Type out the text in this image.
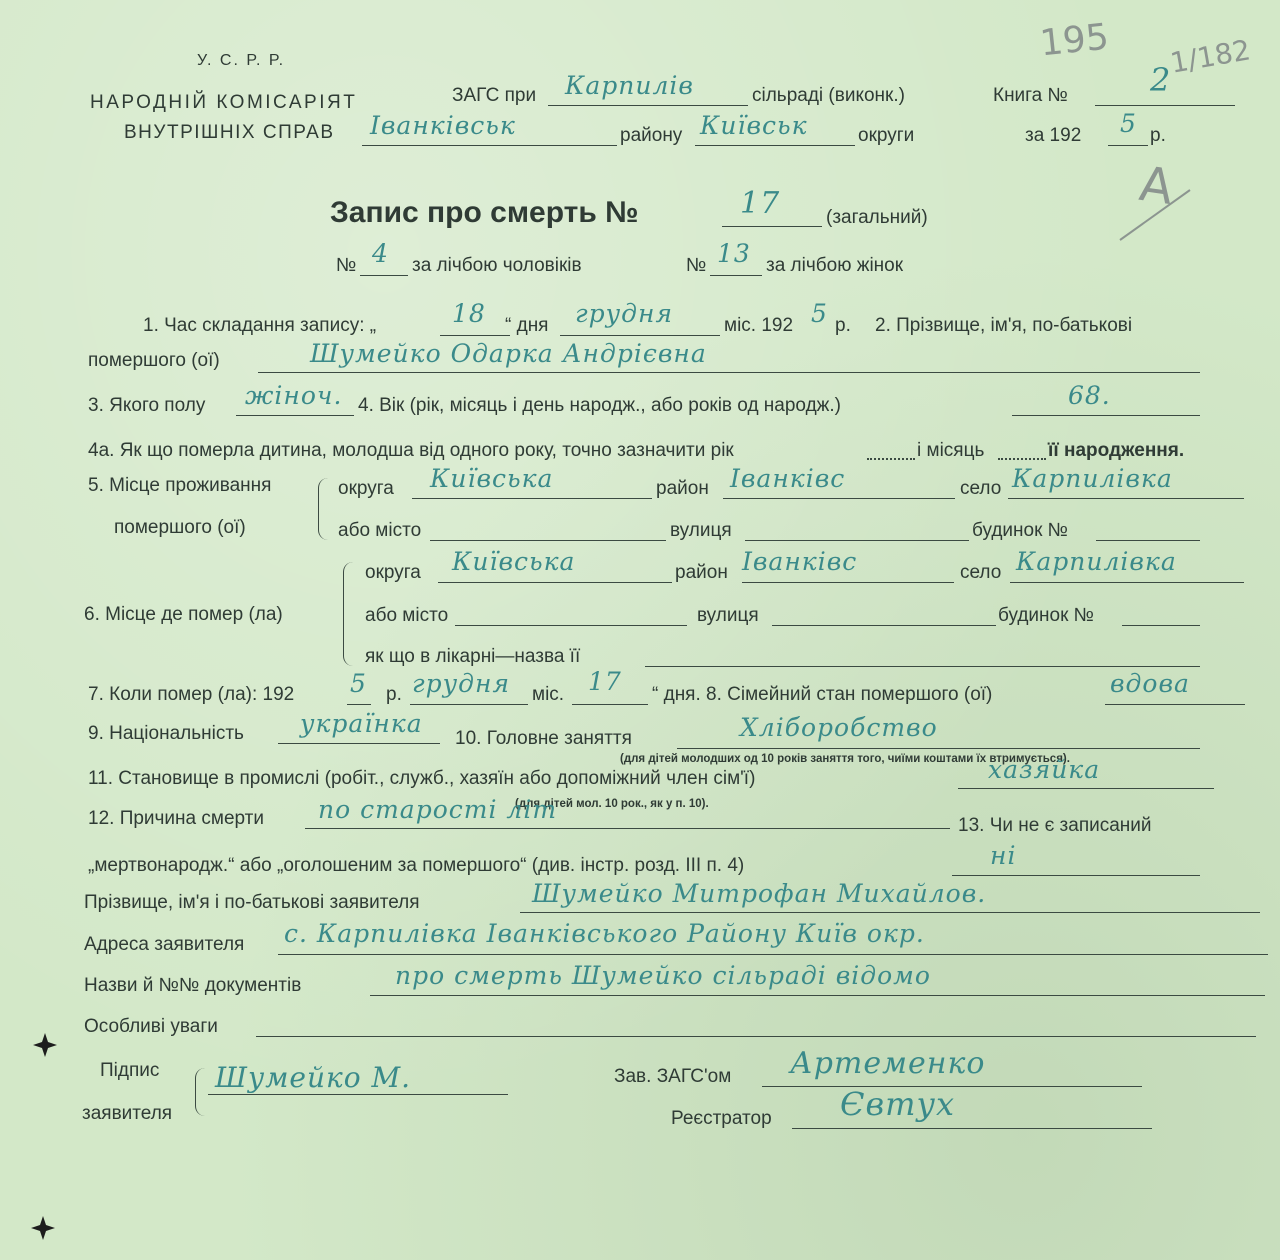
195 1/182
А
У. С. Р. Р.
НАРОДНІЙ КОМІСАРІЯТ
ВНУТРІШНІХ СПРАВ
ЗАГС при Карпилів	сільраді (виконк.)
Іванківськ	району Київськ	округи
Книга №	2
за 192 5 р.
Запис про смерть №	17 (загальний)
№ 4 за лічбою чоловіків	№ 13 за лічбою жінок
1. Час складання запису: „	18 “ дня грудня	міс. 192 5 р. 2. Прізвище, ім'я, по-батькові
помершого (ої)	Шумейко Одарка Андрієвна
3. Якого полу жіноч. 4. Вік (рік, місяць і день народж., або років од народж.)	68.
4а. Як що померла дитина, молодша від одного року, точно зазначити рік	і місяць	її народження.
5. Місце проживання
помершого (ої)
округа Київська	район Іванківс	село Карпилівка
або місто	вулиця	будинок №
6. Місце де помер (ла)
округа Київська	район Іванківс	село Карпилівка
або місто	вулиця	будинок №
як що в лікарні—назва її
7. Коли помер (ла): 192 5 р. грудня міс. 17 “ дня. 8. Сімейний стан помершого (ої)	вдова
9. Національність українка
10. Головне заняття	Хліборобство
(для дітей молодших од 10 років заняття того, чиїми коштами їх втримується).
11. Становище в промислі (робіт., служб., хазяїн або допоміжний член сім'ї)	хазяйка
(для дітей мол. 10 рок., як у п. 10).
12. Причина смерти по старості літ
13. Чи не є записаний
„мертвонародж.“ або „оголошеним за помершого“ (див. інстр. розд. ІІІ п. 4)	ні
Прізвище, ім'я і по-батькові заявителя	Шумейко Митрофан Михайлов.
Адреса заявителя с. Карпилівка Іванківського Району Київ окр.
Назви й №№ документів	про смерть Шумейко сільраді відомо
Особливі уваги
Підпис
заявителя
Шумейко М.	Зав. ЗАГС'ом Артеменко
Реєстратор Євтух
